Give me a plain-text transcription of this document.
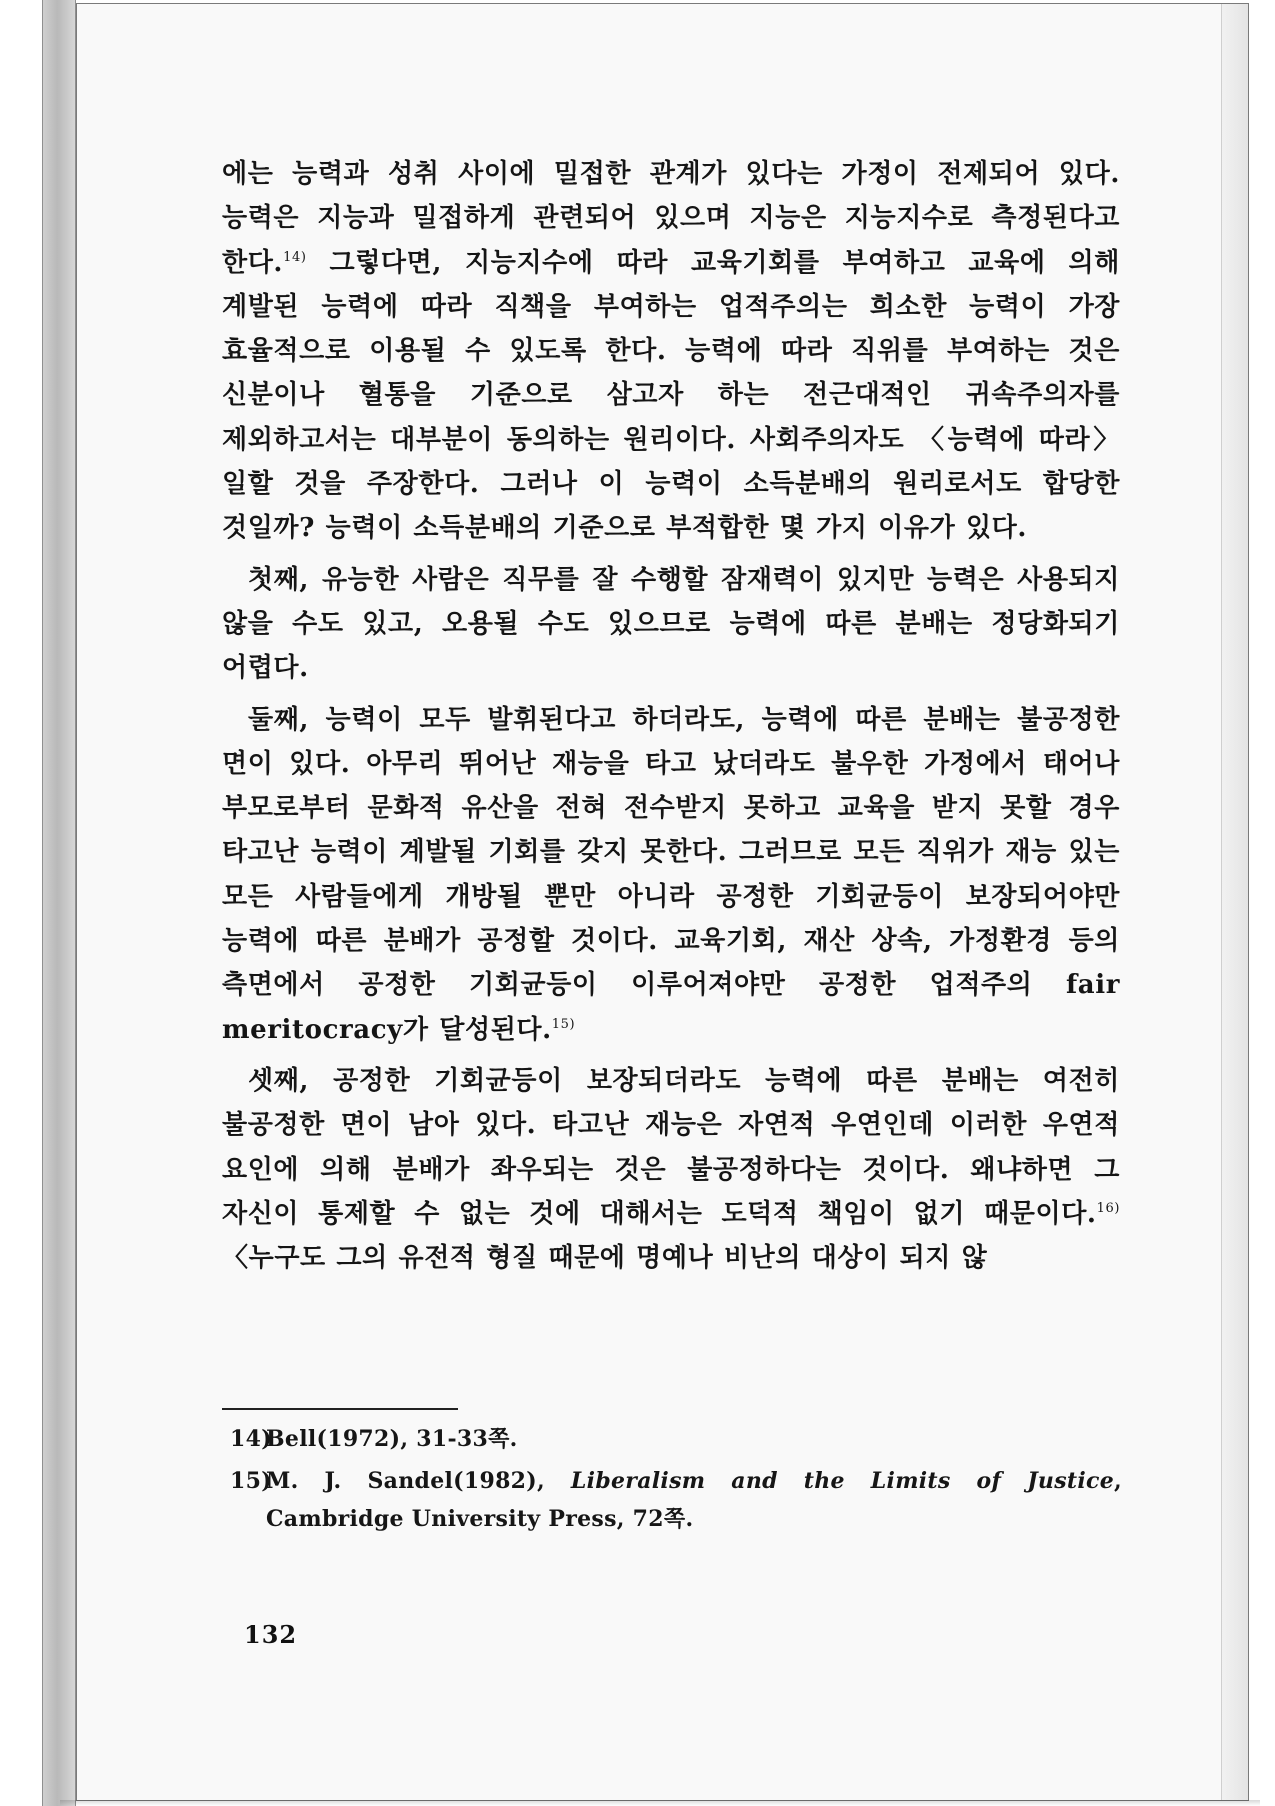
에는 능력과 성취 사이에 밀접한 관계가 있다는 가정이 전제되어 있다. 능력은 지능과 밀접하게 관련되어 있으며 지능은 지능지수로 측정된다고 한다.$^{14)}$ 그렇다면, 지능지수에 따라 교육기회를 부여하고 교육에 의해 계발된 능력에 따라 직책을 부여하는 업적주의는 희소한 능력이 가장 효율적으로 이용될 수 있도록 한다. 능력에 따라 직위를 부여하는 것은 신분이나 혈통을 기준으로 삼고자 하는 전근대적인 귀속주의자를 제외하고서는 대부분이 동의하는 원리이다. 사회주의자도 〈능력에 따라〉 일할 것을 주장한다. 그러나 이 능력이 소득분배의 원리로서도 합당한 것일까? 능력이 소득분배의 기준으로 부적합한 몇 가지 이유가 있다.

첫째, 유능한 사람은 직무를 잘 수행할 잠재력이 있지만 능력은 사용되지 않을 수도 있고, 오용될 수도 있으므로 능력에 따른 분배는 정당화되기 어렵다.

둘째, 능력이 모두 발휘된다고 하더라도, 능력에 따른 분배는 불공정한 면이 있다. 아무리 뛰어난 재능을 타고 났더라도 불우한 가정에서 태어나 부모로부터 문화적 유산을 전혀 전수받지 못하고 교육을 받지 못할 경우 타고난 능력이 계발될 기회를 갖지 못한다. 그러므로 모든 직위가 재능 있는 모든 사람들에게 개방될 뿐만 아니라 공정한 기회균등이 보장되어야만 능력에 따른 분배가 공정할 것이다. 교육기회, 재산 상속, 가정환경 등의 측면에서 공정한 기회균등이 이루어져야만 공정한 업적주의 fair meritocracy가 달성된다.$^{15)}$

셋째, 공정한 기회균등이 보장되더라도 능력에 따른 분배는 여전히 불공정한 면이 남아 있다. 타고난 재능은 자연적 우연인데 이러한 우연적 요인에 의해 분배가 좌우되는 것은 불공정하다는 것이다. 왜냐하면 그 자신이 통제할 수 없는 것에 대해서는 도덕적 책임이 없기 때문이다.$^{16)}$ 〈누구도 그의 유전적 형질 때문에 명예나 비난의 대상이 되지 않

14)Bell(1972), 31-33쪽.

15)M. J. Sandel(1982), Liberalism and the Limits of Justice, Cambridge University Press, 72쪽.

132
